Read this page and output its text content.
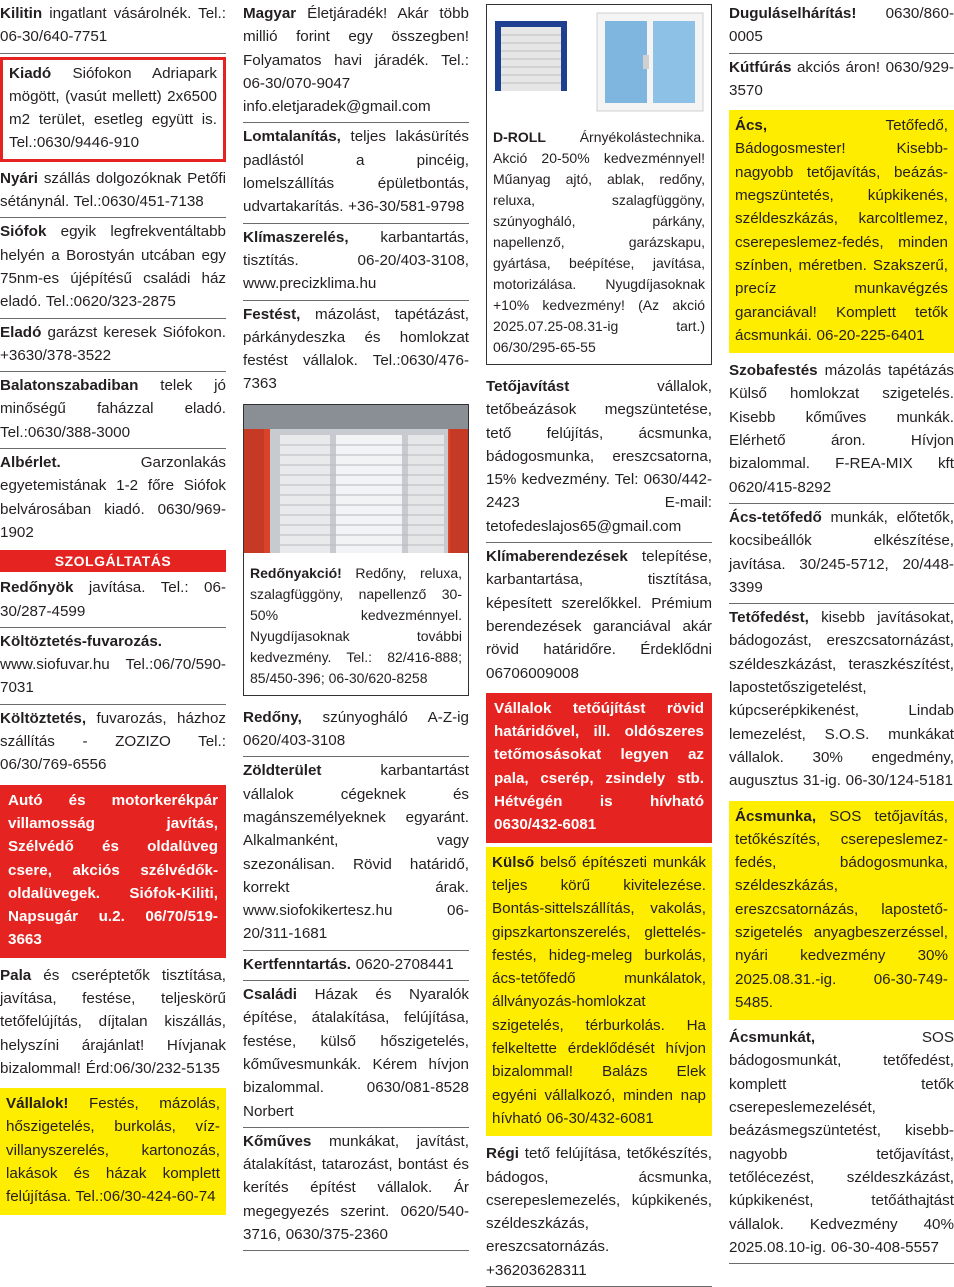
Kilitin ingatlant vásárolnék. Tel.: 06-30/640-7751
Kiadó Siófokon Adriapark mögött, (vasút mellett) 2x6500 m2 terület, esetleg együtt is. Tel.:0630/9446-910
Nyári szállás dolgozóknak Petőfi sétánynál. Tel.:0630/451-7138
Siófok egyik legfrekventáltabb helyén a Borostyán utcában egy 75nm-es újépítésű családi ház eladó. Tel.:0620/323-2875
Eladó garázst keresek Siófokon. +3630/378-3522
Balatonszabadiban telek jó minőségű faházzal eladó. Tel.:0630/388-3000
Albérlet. Garzonlakás egyetemistának 1-2 főre Siófok belvárosában kiadó. 0630/969-1902
SZOLGÁLTATÁS
Redőnyök javítása. Tel.: 06-30/287-4599
Költöztetés-fuvarozás. www.siofuvar.hu Tel.:06/70/590-7031
Költöztetés, fuvarozás, házhoz szállítás - ZOZIZO Tel.: 06/30/769-6556
Autó és motorkerékpár villamosság javítás, Szélvédő és oldalüveg csere, akciós szélvédők-oldalüvegek. Siófok-Kiliti, Napsugár u.2. 06/70/519-3663
Pala és cseréptetők tisztítása, javítása, festése, teljeskörű tetőfelújítás, díjtalan kiszállás, helyszíni árajánlat! Hívjanak bizalommal! Érd:06/30/232-5135
Vállalok! Festés, mázolás, hőszigetelés, burkolás, víz-villanyszerelés, kartonozás, lakások és házak komplett felújítása. Tel.:06/30-424-60-74
Magyar Életjáradék! Akár több millió forint egy összegben! Folyamatos havi járadék. Tel.: 06-30/070-9047 info.eletjaradek@gmail.com
Lomtalanítás, teljes lakásürítés padlástól a pincéig, lomelszállítás épületbontás, udvartakarítás. +36-30/581-9798
Klímaszerelés, karbantartás, tisztítás. 06-20/403-3108, www.precizklima.hu
Festést, mázolást, tapétázást, párkánydeszka és homlokzat festést vállalok. Tel.:0630/476-7363
Redőnyakció! Redőny, reluxa, szalagfüggöny, napellenző 30-50% kedvezménnyel. Nyugdíjasoknak további kedvezmény. Tel.: 82/416-888; 85/450-396; 06-30/620-8258
Redőny, szúnyogháló A-Z-ig 0620/403-3108
Zöldterület karbantartást vállalok cégeknek és magánszemélyeknek egyaránt. Alkalmanként, vagy szezonálisan. Rövid határidő, korrekt árak. www.siofokikertesz.hu 06-20/311-1681
Kertfenntartás. 0620-2708441
Családi Házak és Nyaralók építése, átalakítása, felújítása, festése, külső hőszigetelés, kőművesmunkák. Kérem hívjon bizalommal. 0630/081-8528 Norbert
Kőműves munkákat, javítást, átalakítást, tatarozást, bontást és kerítés építést vállalok. Ár megegyezés szerint. 0620/540-3716, 0630/375-2360
D-ROLL Árnyékolástechnika. Akció 20-50% kedvezménnyel! Műanyag ajtó, ablak, redőny, reluxa, szalagfüggöny, szúnyogháló, párkány, napellenző, garázskapu, gyártása, beépítése, javítása, motorizálása. Nyugdíjasoknak +10% kedvezmény! (Az akció 2025.07.25-08.31-ig tart.) 06/30/295-65-55
Tetőjavítást vállalok, tetőbeázások megszüntetése, tető felújítás, ácsmunka, bádogosmunka, ereszcsatorna, 15% kedvezmény. Tel: 0630/442-2423 E-mail: tetofedeslajos65@gmail.com
Klímaberendezések telepítése, karbantartása, tisztítása, képesített szerelőkkel. Prémium berendezések garanciával akár rövid határidőre. Érdeklődni 06706009008
Vállalok tetőújítást rövid határidővel, ill. oldószeres tetőmosásokat legyen az pala, cserép, zsindely stb. Hétvégén is hívható 0630/432-6081
Külső belső építészeti munkák teljes körű kivitelezése. Bontás-sittelszállítás, vakolás, gipszkartonszerelés, glettelés-festés, hideg-meleg burkolás, ács-tetőfedő munkálatok, állványozás-homlokzat szigetelés, térburkolás. Ha felkeltette érdeklődését hívjon bizalommal! Balázs Elek egyéni vállalkozó, minden nap hívható 06-30/432-6081
Régi tető felújítása, tetőkészítés, bádogos, ácsmunka, cserepeslemezelés, kúpkikenés, széldeszkázás, ereszcsatornázás. +36203628311
Duguláselhárítás! 0630/860-0005
Kútfúrás akciós áron! 0630/929-3570
Ács, Tetőfedő, Bádogosmester! Kisebb-nagyobb tetőjavítás, beázás-megszüntetés, kúpkikenés, széldeszkázás, karcoltlemez, cserepeslemez-fedés, minden színben, méretben. Szakszerű, precíz munkavégzés garanciával! Komplett tetők ácsmunkái. 06-20-225-6401
Szobafestés mázolás tapétázás Külső homlokzat szigetelés. Kisebb kőműves munkák. Elérhető áron. Hívjon bizalommal. F-REA-MIX kft 0620/415-8292
Ács-tetőfedő munkák, előtetők, kocsibeállók elkészítése, javítása. 30/245-5712, 20/448-3399
Tetőfedést, kisebb javításokat, bádogozást, ereszcsatornázást, széldeszkázást, teraszkészítést, lapostetőszigetelést, kúpcserépkikenést, Lindab lemezelést, S.O.S. munkákat vállalok. 30% engedmény, augusztus 31-ig. 06-30/124-5181
Ácsmunka, SOS tetőjavítás, tetőkészítés, cserepeslemez-fedés, bádogosmunka, széldeszkázás, ereszcsatornázás, lapostető-szigetelés anyagbeszerzéssel, nyári kedvezmény 30% 2025.08.31.-ig. 06-30-749-5485.
Ácsmunkát, SOS bádogosmunkát, tetőfedést, komplett tetők cserepeslemezelését, beázásmegszüntetést, kisebb-nagyobb tetőjavítást, tetőlécezést, széldeszkázást, kúpkikenést, tetőáthajtást vállalok. Kedvezmény 40% 2025.08.10-ig. 06-30-408-5557
